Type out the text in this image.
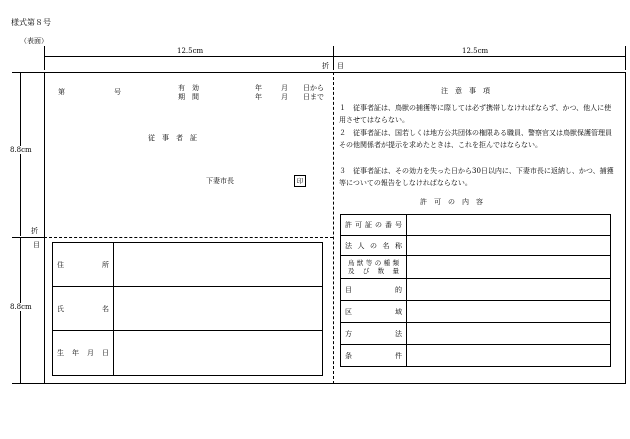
様式第８号
（表面）
12.5cm	12.5cm
折 目
8.8cm
8.8cm
折
目
第	号	有　効
期　間
年	月 日から
年	月 日まで
従　事　者　証
下妻市長	印
住　所	
氏　名	
生年月日	
注　意　事　項
１　従事者証は、鳥獣の捕獲等に際しては必ず携帯しなければならず、かつ、他人に使用させてはならない。
２　従事者証は、国若しくは地方公共団体の権限ある職員、警察官又は鳥獣保護管理員その他関係者が提示を求めたときは、これを拒んではならない。
３　従事者証は、その効力を失った日から30日以内に、下妻市長に返納し、かつ、捕獲等についての報告をしなければならない。
許　可　の　内　容
許可証の番号	
法人の名称	

鳥獣等の種類
及び数量	

目的	
区域	
方法	
条件	
